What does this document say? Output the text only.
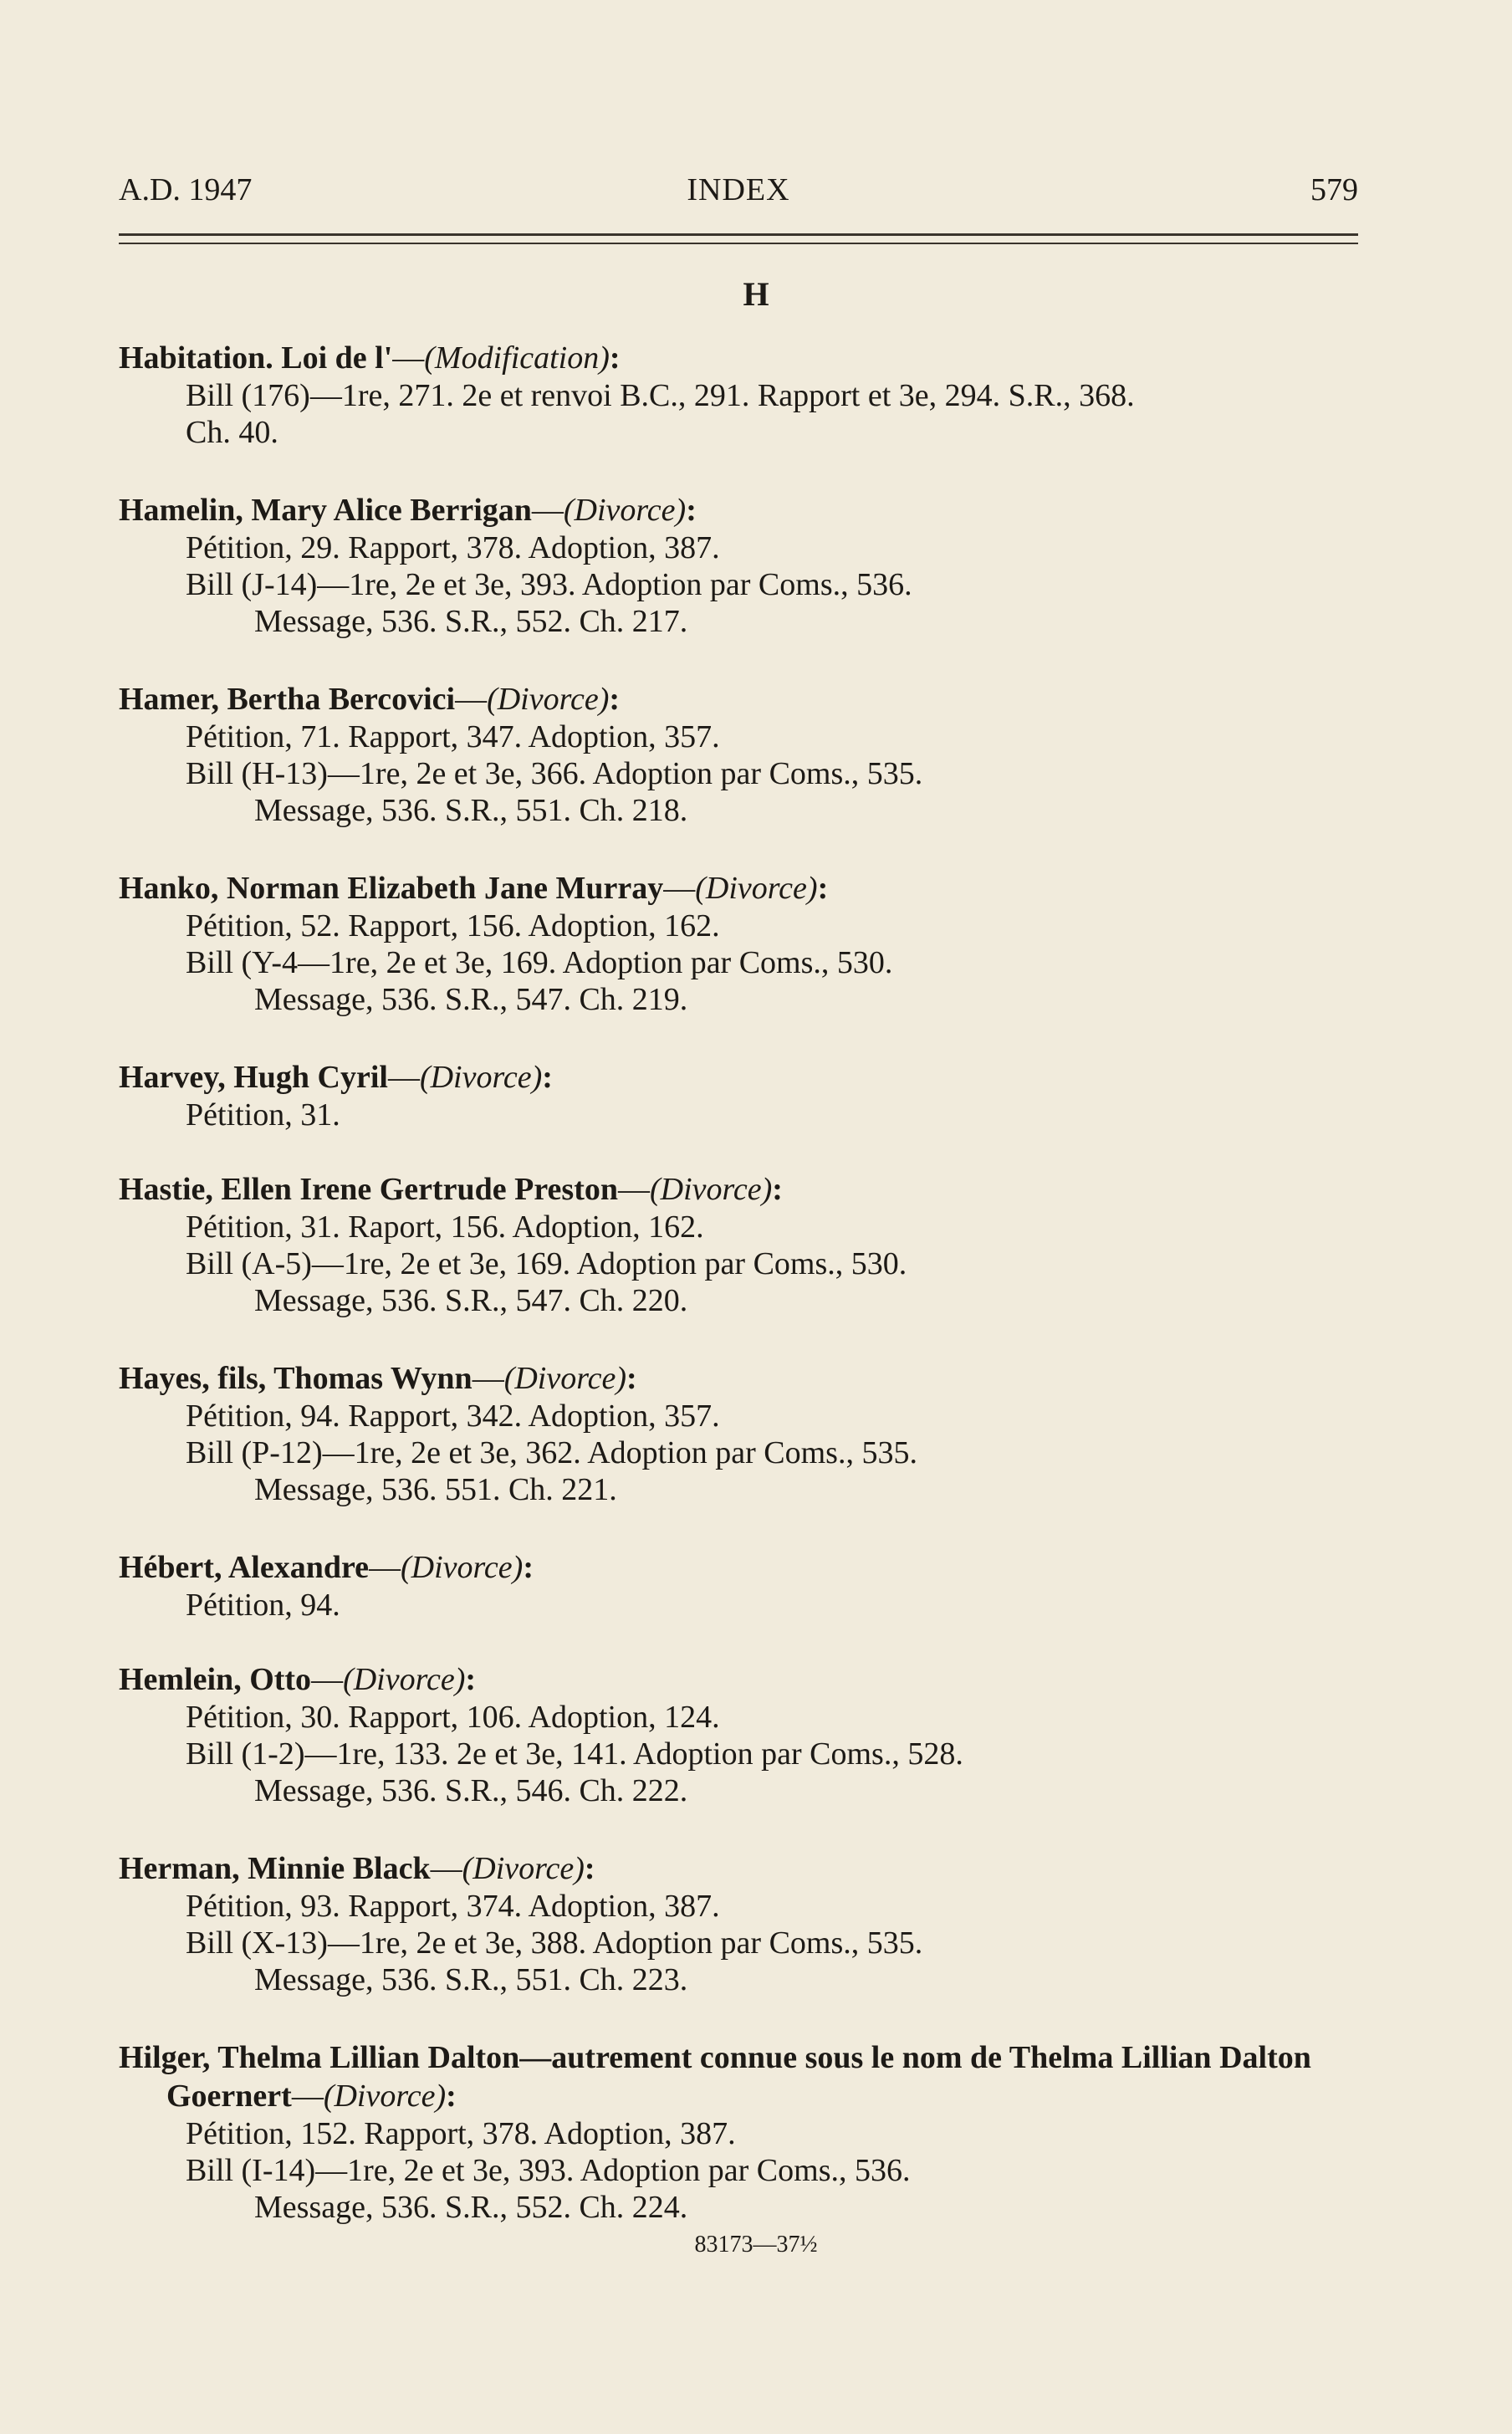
A.D. 1947	INDEX	579
H
Habitation. Loi de l'—(Modification):
Bill (176)—1re, 271. 2e et renvoi B.C., 291. Rapport et 3e, 294. S.R., 368.
Ch. 40.
Hamelin, Mary Alice Berrigan—(Divorce):
Pétition, 29. Rapport, 378. Adoption, 387.
Bill (J-14)—1re, 2e et 3e, 393. Adoption par Coms., 536.
Message, 536. S.R., 552. Ch. 217.
Hamer, Bertha Bercovici—(Divorce):
Pétition, 71. Rapport, 347. Adoption, 357.
Bill (H-13)—1re, 2e et 3e, 366. Adoption par Coms., 535.
Message, 536. S.R., 551. Ch. 218.
Hanko, Norman Elizabeth Jane Murray—(Divorce):
Pétition, 52. Rapport, 156. Adoption, 162.
Bill (Y-4—1re, 2e et 3e, 169. Adoption par Coms., 530.
Message, 536. S.R., 547. Ch. 219.
Harvey, Hugh Cyril—(Divorce):
Pétition, 31.
Hastie, Ellen Irene Gertrude Preston—(Divorce):
Pétition, 31. Raport, 156. Adoption, 162.
Bill (A-5)—1re, 2e et 3e, 169. Adoption par Coms., 530.
Message, 536. S.R., 547. Ch. 220.
Hayes, fils, Thomas Wynn—(Divorce):
Pétition, 94. Rapport, 342. Adoption, 357.
Bill (P-12)—1re, 2e et 3e, 362. Adoption par Coms., 535.
Message, 536. 551. Ch. 221.
Hébert, Alexandre—(Divorce):
Pétition, 94.
Hemlein, Otto—(Divorce):
Pétition, 30. Rapport, 106. Adoption, 124.
Bill (1-2)—1re, 133. 2e et 3e, 141. Adoption par Coms., 528.
Message, 536. S.R., 546. Ch. 222.
Herman, Minnie Black—(Divorce):
Pétition, 93. Rapport, 374. Adoption, 387.
Bill (X-13)—1re, 2e et 3e, 388. Adoption par Coms., 535.
Message, 536. S.R., 551. Ch. 223.
Hilger, Thelma Lillian Dalton—autrement connue sous le nom de Thelma Lillian Dalton Goernert—(Divorce):
Pétition, 152. Rapport, 378. Adoption, 387.
Bill (I-14)—1re, 2e et 3e, 393. Adoption par Coms., 536.
Message, 536. S.R., 552. Ch. 224.
83173—37½
